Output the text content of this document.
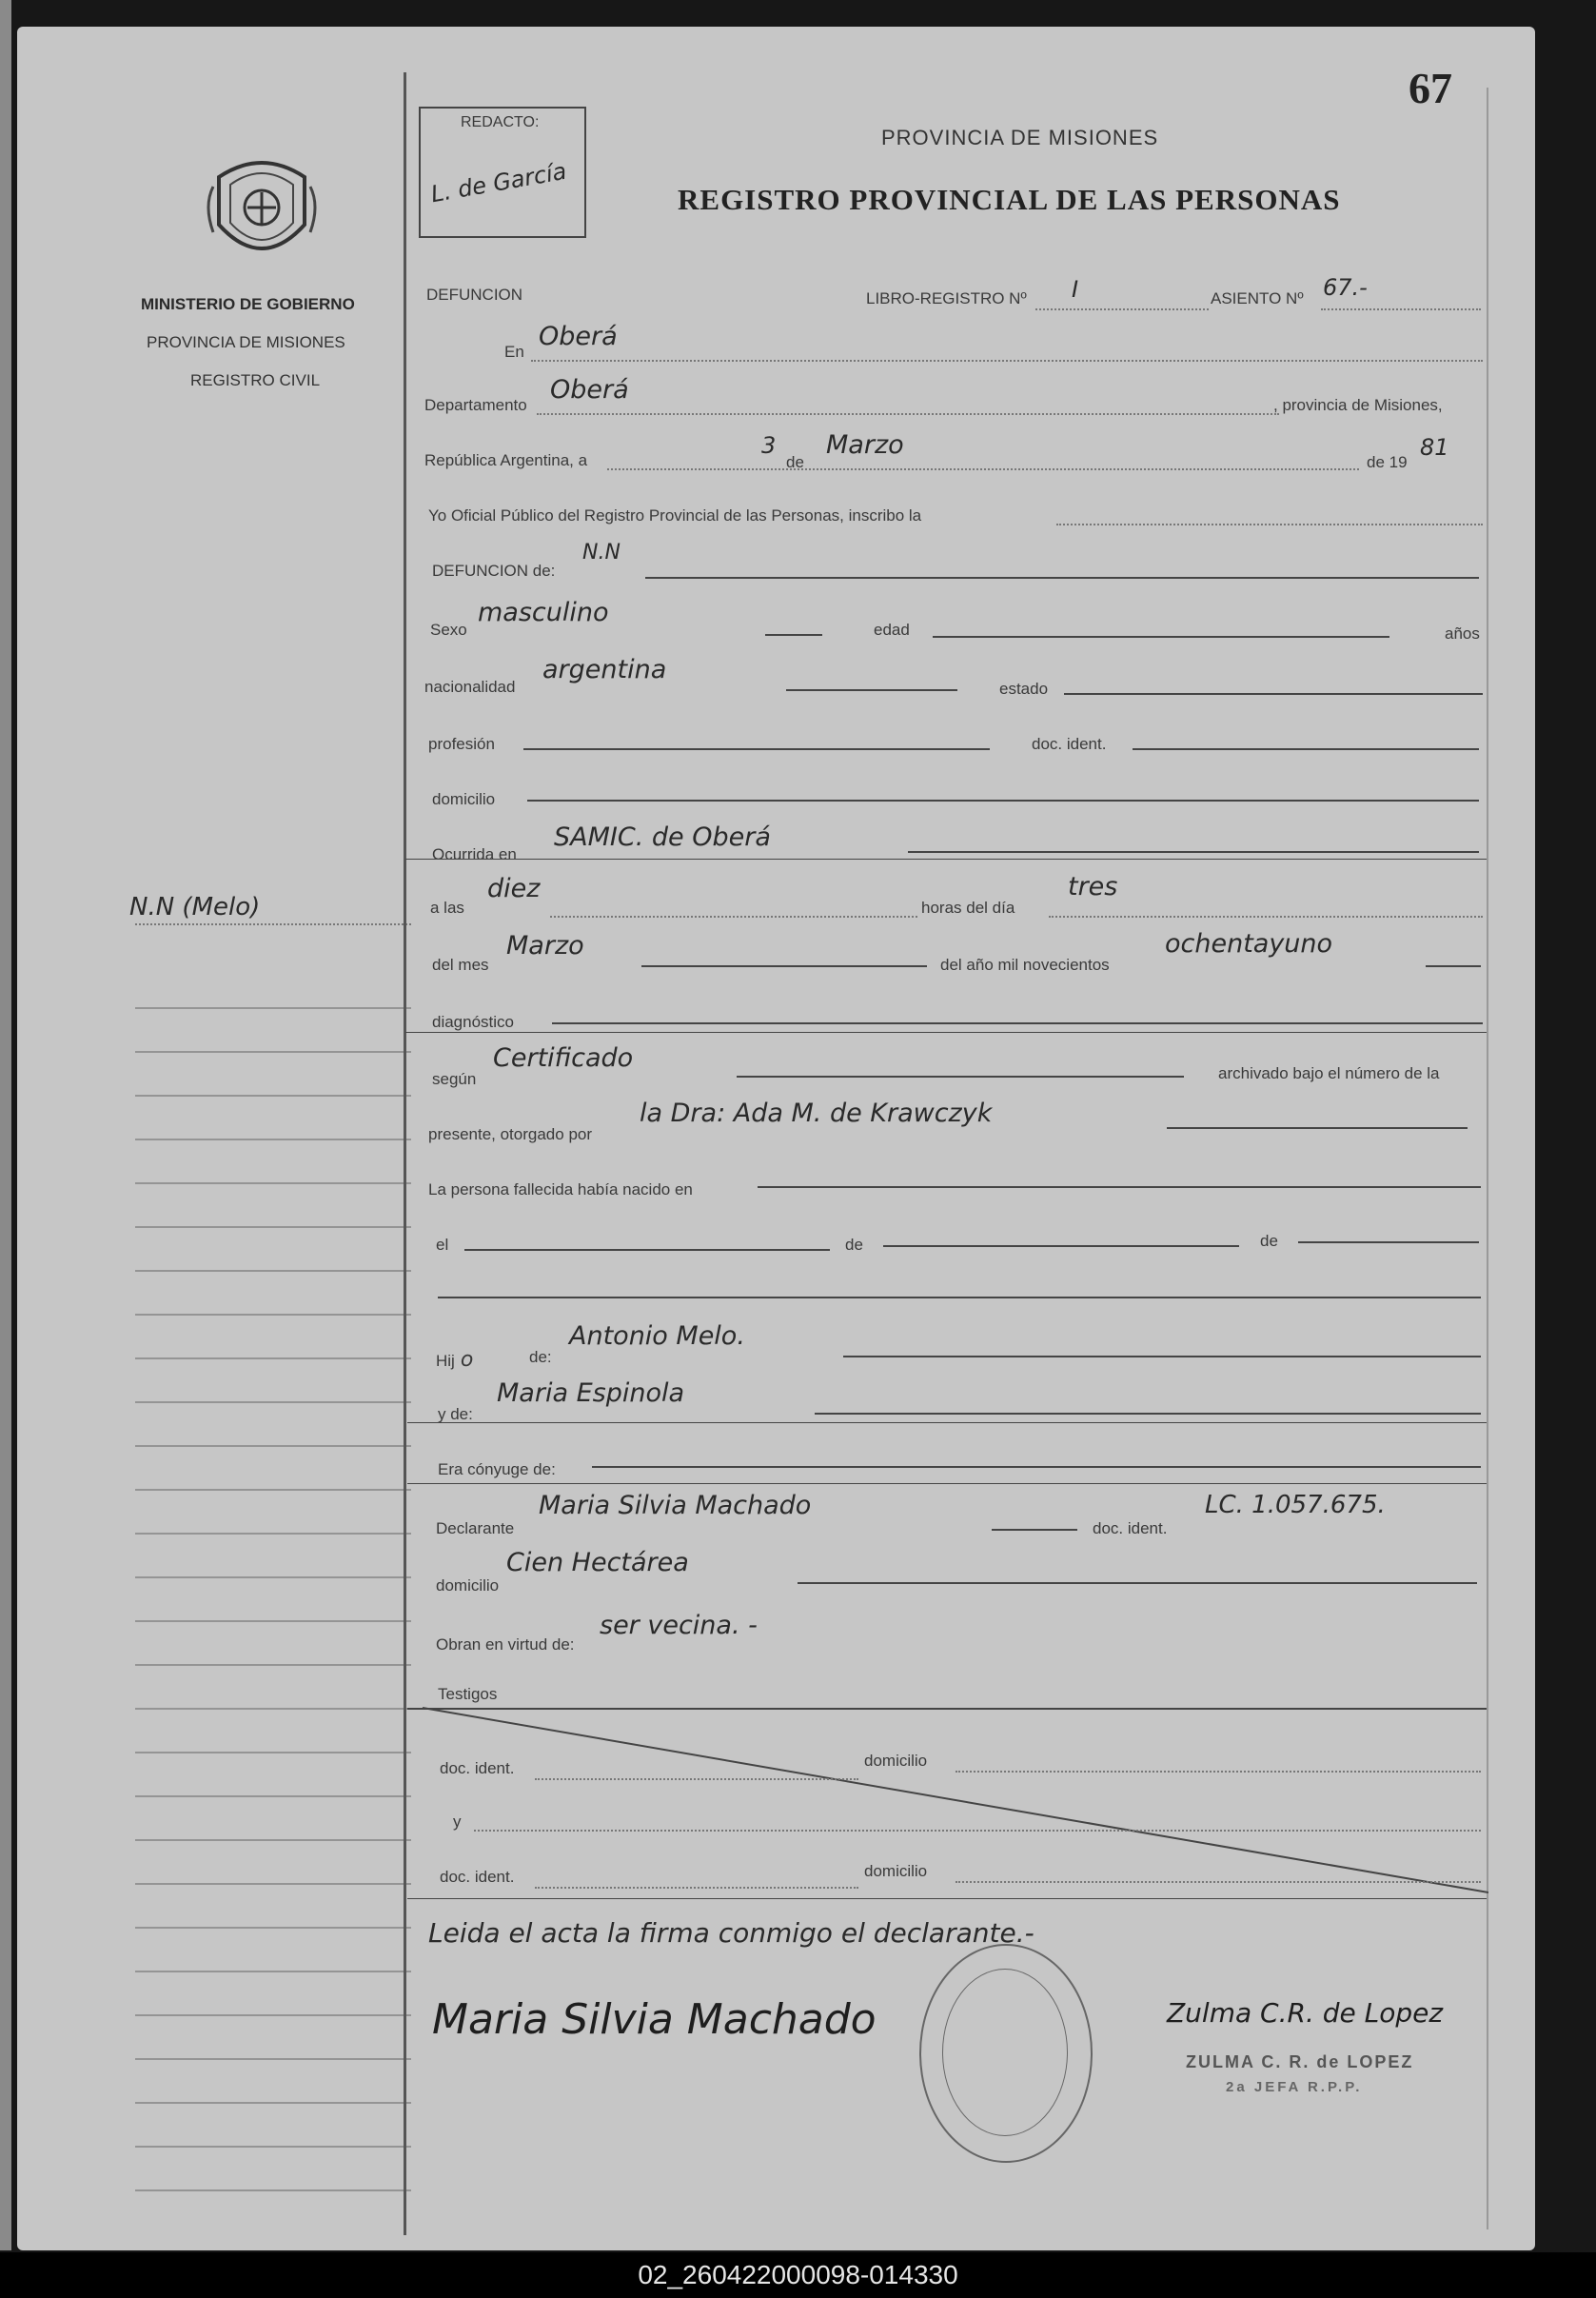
67
REDACTO:
L. de García
PROVINCIA DE MISIONES
REGISTRO PROVINCIAL DE LAS PERSONAS
MINISTERIO DE GOBIERNO
PROVINCIA DE MISIONES
REGISTRO CIVIL
N.N (Melo)
DEFUNCION	LIBRO-REGISTRO Nº I	ASIENTO Nº 67.-
En
Oberá
Departamento
Oberá
, provincia de Misiones,
República Argentina, a
3
de
Marzo
de 19
81
Yo Oficial Público del Registro Provincial de las Personas, inscribo la
DEFUNCION de:
N.N
Sexo
masculino
edad	años
nacionalidad
argentina
estado
profesión	doc. ident.
domicilio
Ocurrida en
SAMIC. de Oberá
a las
diez
horas del día
tres
del mes
Marzo
del año mil novecientos
ochentayuno
diagnóstico
según
Certificado
archivado bajo el número de la
presente, otorgado por
la Dra: Ada M. de Krawczyk
La persona fallecida había nacido en
el	de	de
Hij o	de:
Antonio Melo.
y de:
Maria Espinola
Era cónyuge de:
Declarante
Maria Silvia Machado
doc. ident.
LC. 1.057.675.
domicilio
Cien Hectárea
Obran en virtud de:
ser vecina. -
Testigos
doc. ident.	domicilio
y
doc. ident.	domicilio
Leida el acta la firma conmigo el declarante.-
Maria Silvia Machado	Zulma C.R. de Lopez
ZULMA C. R. de LOPEZ
2a JEFA R.P.P.
02_260422000098-014330
